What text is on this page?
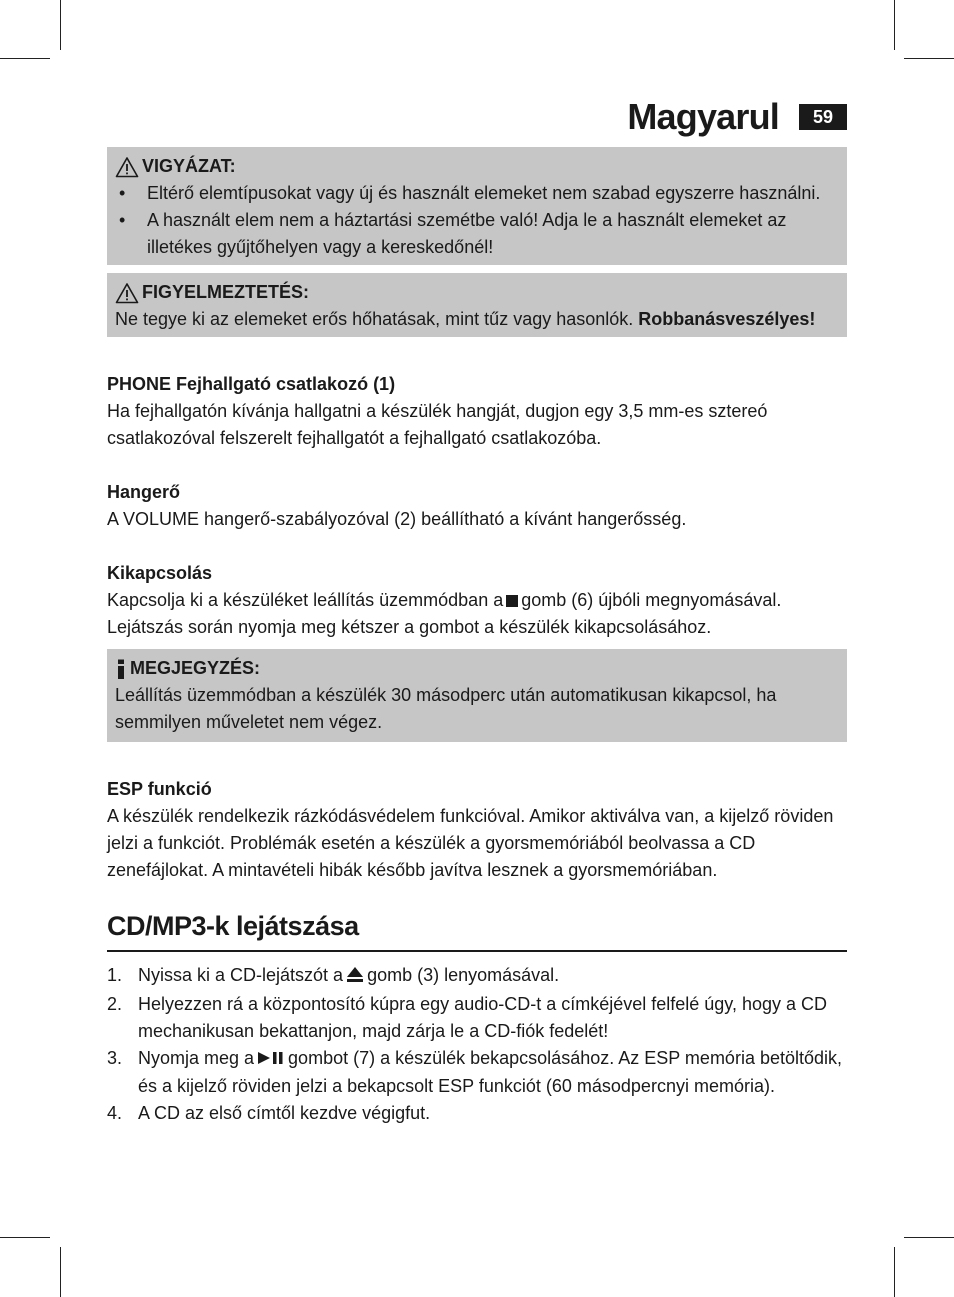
Magyarul	59
VIGYÁZAT:
• Eltérő elemtípusokat vagy új és használt elemeket nem szabad egyszerre használni.
• A használt elem nem a háztartási szemétbe való! Adja le a használt elemeket az illetékes gyűjtőhelyen vagy a kereskedőnél!
FIGYELMEZTETÉS:

Ne tegye ki az elemeket erős hőhatásak, mint tűz vagy hasonlók. Robbanásveszélyes!

PHONE Fejhallgató csatlakozó (1)

Ha fejhallgatón kívánja hallgatni a készülék hangját, dugjon egy 3,5 mm-es sztereó csatlakozóval felszerelt fejhallgatót a fejhallgató csatlakozóba.

Hangerő

A VOLUME hangerő-szabályozóval (2) beállítható a kívánt hangerősség.

Kikapcsolás

Kapcsolja ki a készüléket leállítás üzemmódban a gomb (6) újbóli megnyomásával.

Lejátszás során nyomja meg kétszer a gombot a készülék kikapcsolásához.

MEGJEGYZÉS:

Leállítás üzemmódban a készülék 30 másodperc után automatikusan kikapcsol, ha semmilyen műveletet nem végez.

ESP funkció

A készülék rendelkezik rázkódásvédelem funkcióval. Amikor aktiválva van, a kijelző röviden jelzi a funkciót. Problémák esetén a készülék a gyorsmemóriából beolvassa a CD zenefájlokat. A mintavételi hibák később javítva lesznek a gyorsmemóriában.

CD/MP3-k lejátszása
1. Nyissa ki a CD-lejátszót a gomb (3) lenyomásával.
2. Helyezzen rá a központosító kúpra egy audio-CD-t a címkéjével felfelé úgy, hogy a CD mechanikusan bekattanjon, majd zárja le a CD-fiók fedelét!
3. Nyomja meg a gombot (7) a készülék bekapcsolásához. Az ESP memória betöltődik, és a kijelző röviden jelzi a bekapcsolt ESP funkciót (60 másodpercnyi memória).
4. A CD az első címtől kezdve végigfut.
